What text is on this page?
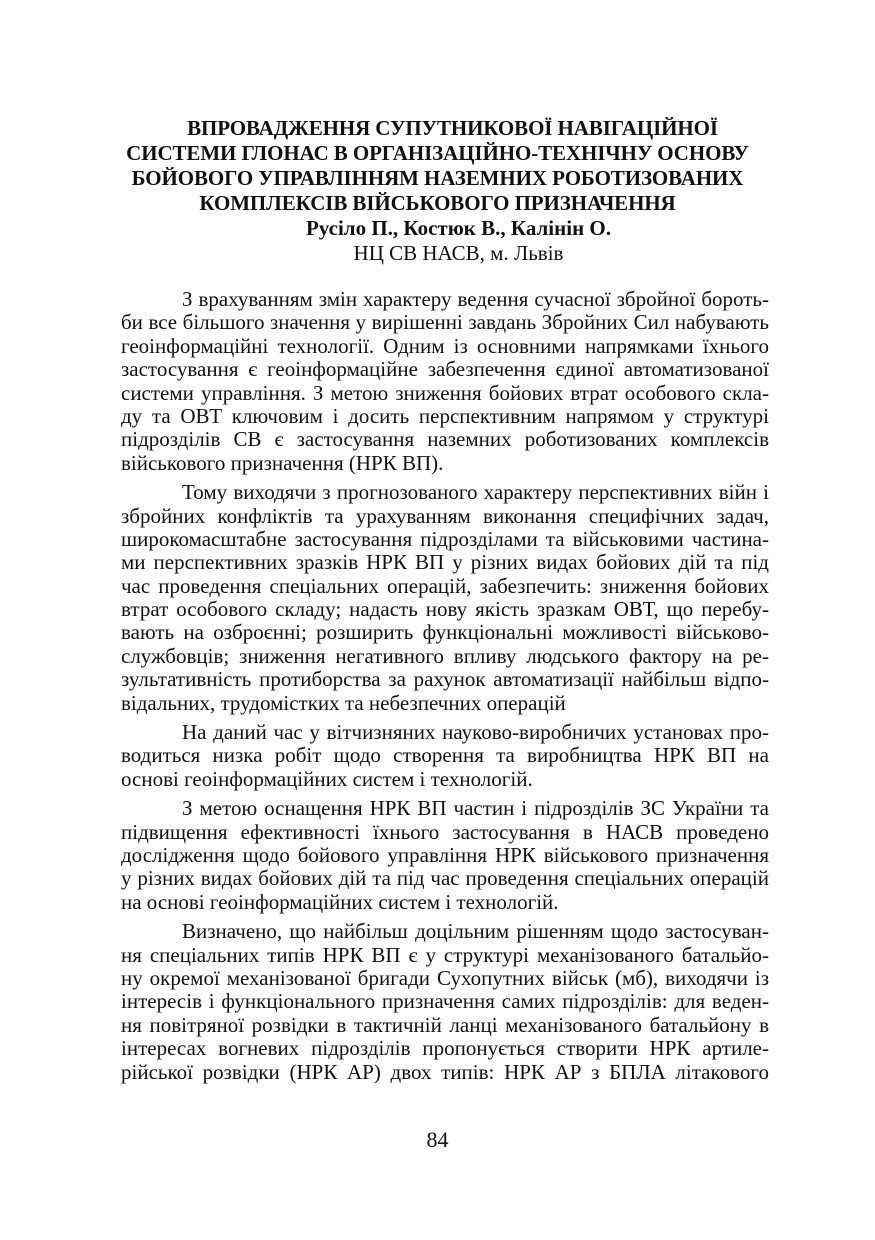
ВПРОВАДЖЕННЯ СУПУТНИКОВОЇ НАВІГАЦІЙНОЇ
СИСТЕМИ ГЛОНАС В ОРГАНІЗАЦІЙНО-ТЕХНІЧНУ ОСНОВУ
БОЙОВОГО УПРАВЛІННЯМ НАЗЕМНИХ РОБОТИЗОВАНИХ
КОМПЛЕКСІВ ВІЙСЬКОВОГО ПРИЗНАЧЕННЯ
Русіло П., Костюк В., Калінін О.
НЦ СВ НАСВ, м. Львів
З врахуванням змін характеру ведення сучасної збройної бороть-
би все більшого значення у вирішенні завдань Збройних Сил набувають
геоінформаційні технології. Одним із основними напрямками їхнього
застосування є геоінформаційне забезпечення єдиної автоматизованої
системи управління. З метою зниження бойових втрат особового скла-
ду та ОВТ ключовим і досить перспективним напрямом у структурі
підрозділів СВ є застосування наземних роботизованих комплексів
військового призначення (НРК ВП).
Тому виходячи з прогнозованого характеру перспективних війн і
збройних конфліктів та урахуванням виконання специфічних задач,
широкомасштабне застосування підрозділами та військовими частина-
ми перспективних зразків НРК ВП у різних видах бойових дій та під
час проведення спеціальних операцій, забезпечить: зниження бойових
втрат особового складу; надасть нову якість зразкам ОВТ, що перебу-
вають на озброєнні; розширить функціональні можливості військово-
службовців; зниження негативного впливу людського фактору на ре-
зультативність протиборства за рахунок автоматизації найбільш відпо-
відальних, трудомістких та небезпечних операцій
На даний час у вітчизняних науково-виробничих установах про-
водиться низка робіт щодо створення та виробництва НРК ВП на
основі геоінформаційних систем і технологій.
З метою оснащення НРК ВП частин і підрозділів ЗС України та
підвищення ефективності їхнього застосування в НАСВ проведено
дослідження щодо бойового управління НРК військового призначення
у різних видах бойових дій та під час проведення спеціальних операцій
на основі геоінформаційних систем і технологій.
Визначено, що найбільш доцільним рішенням щодо застосуван-
ня спеціальних типів НРК ВП є у структурі механізованого батальйо-
ну окремої механізованої бригади Сухопутних військ (мб), виходячи із
інтересів і функціонального призначення самих підрозділів: для веден-
ня повітряної розвідки в тактичній ланці механізованого батальйону в
інтересах вогневих підрозділів пропонується створити НРК артиле-
рійської розвідки (НРК АР) двох типів: НРК АР з БПЛА літакового
84
